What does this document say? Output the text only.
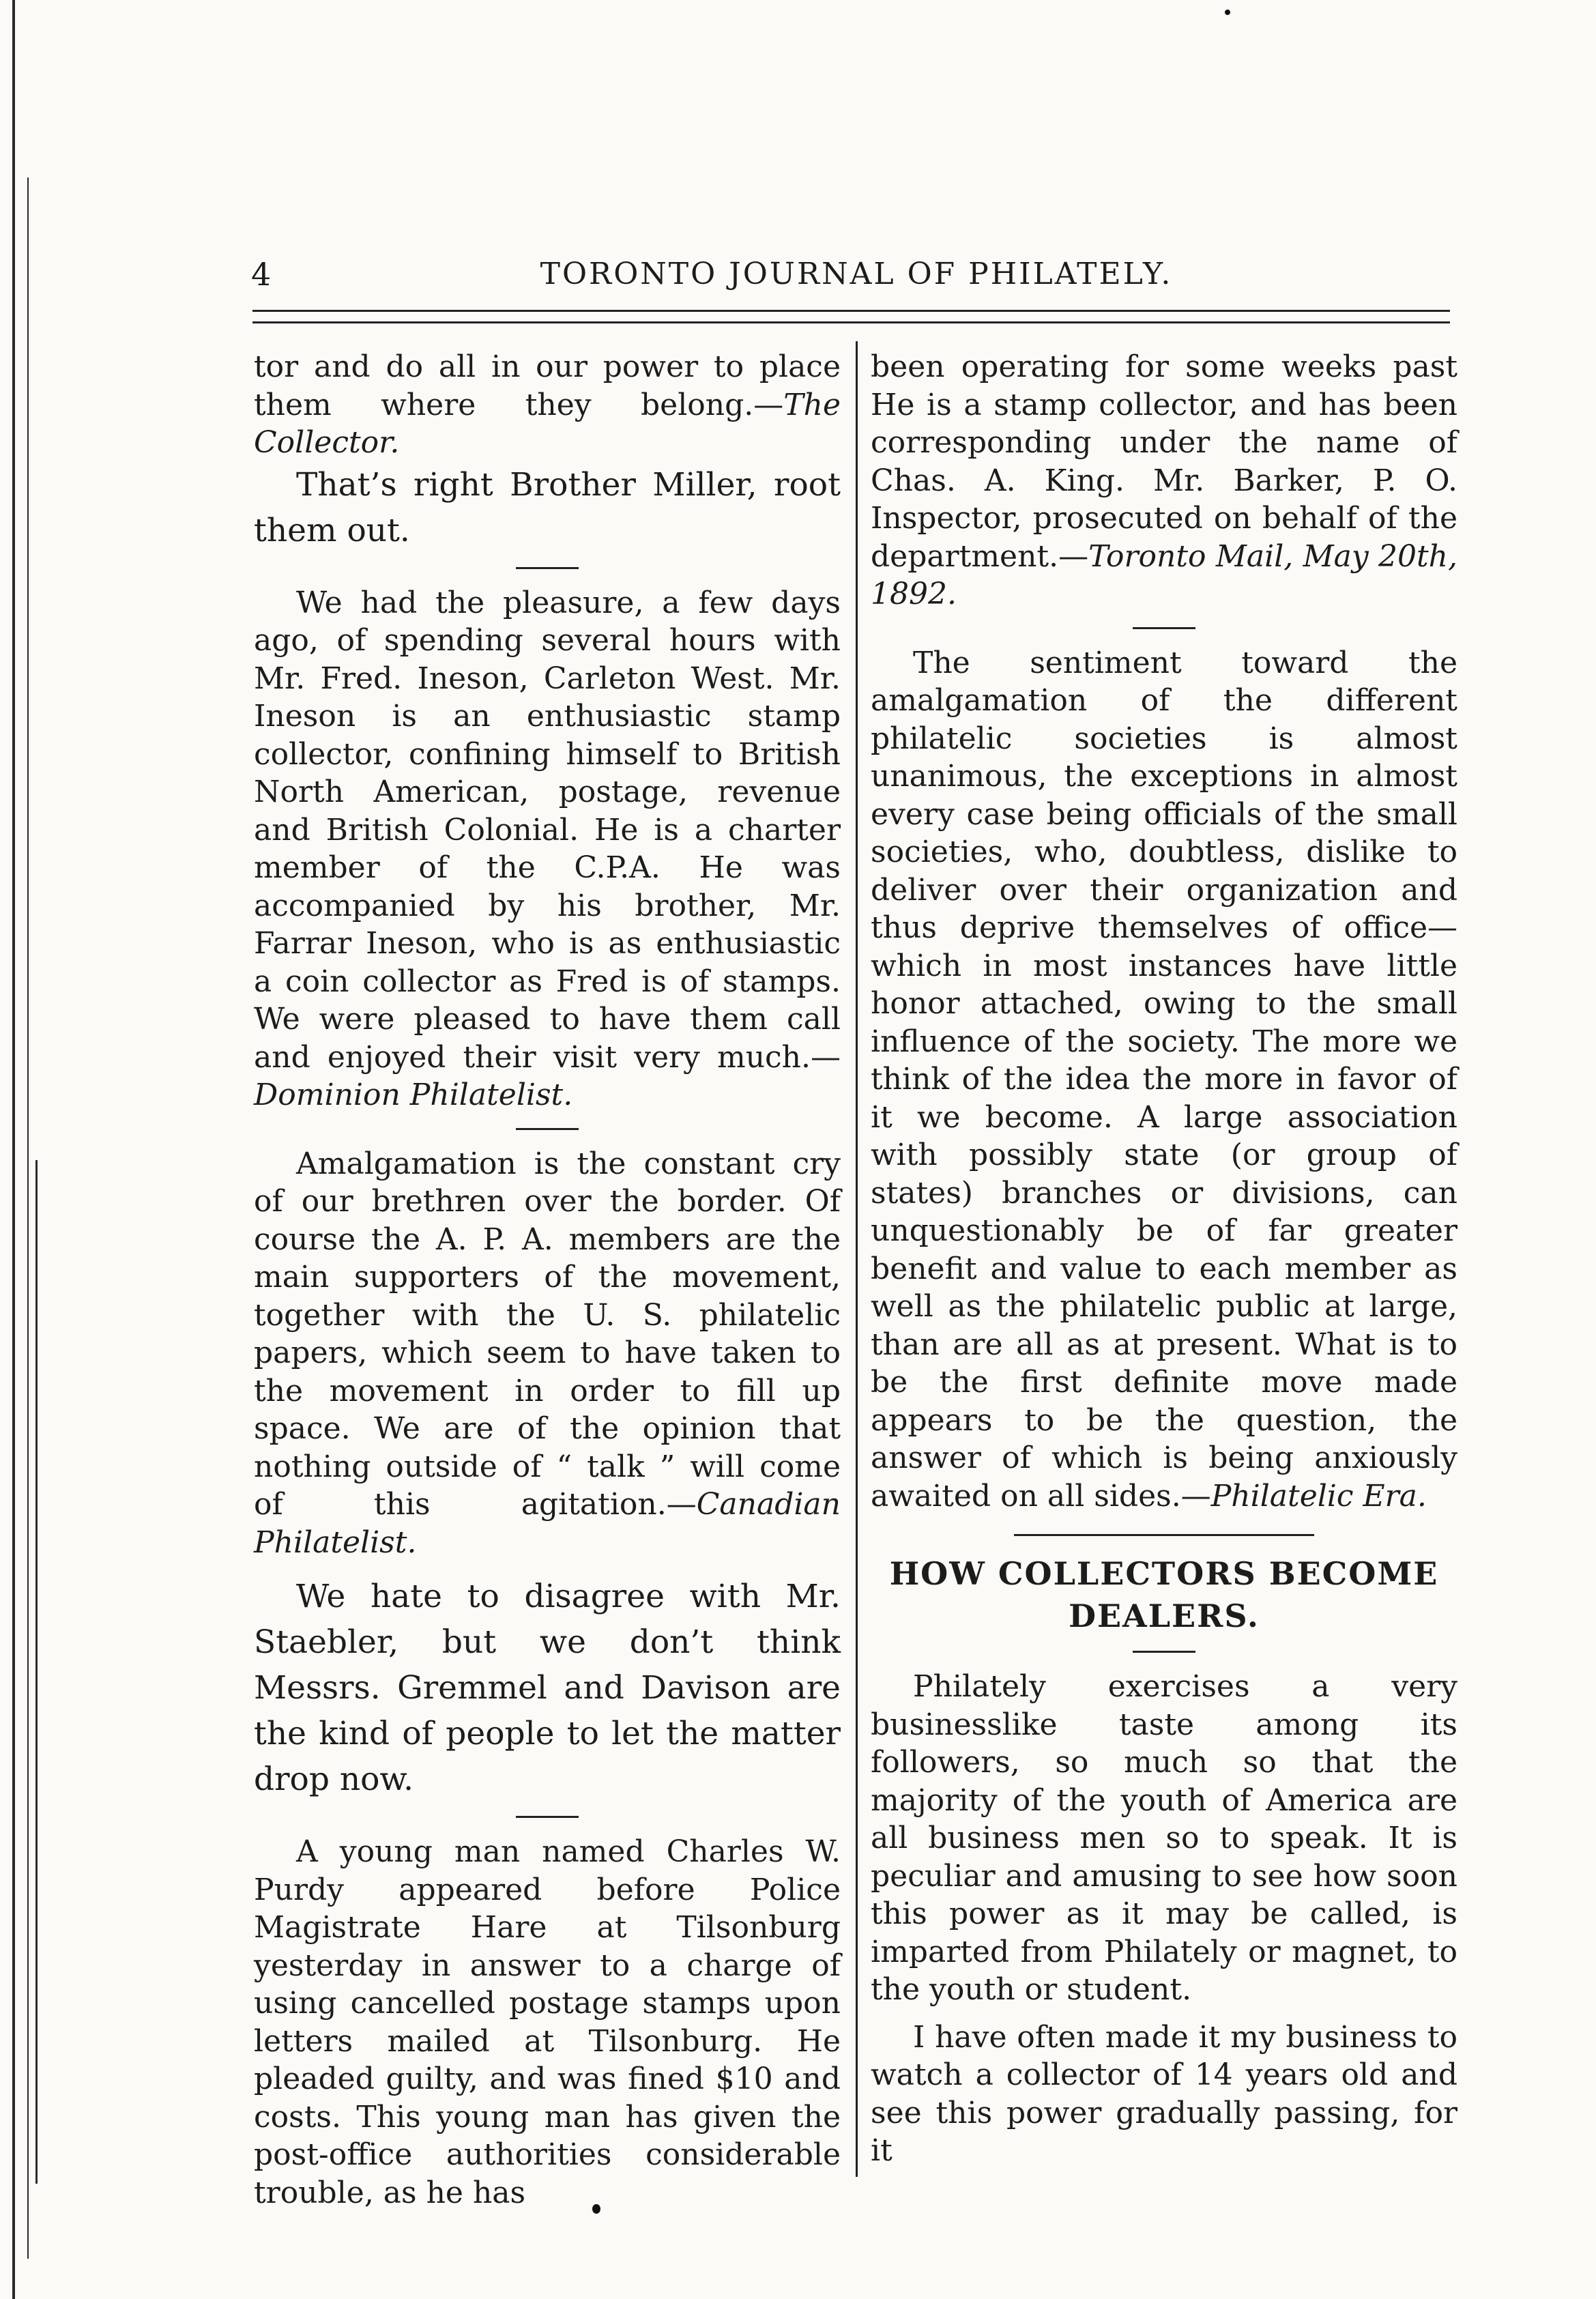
4	TORONTO JOURNAL OF PHILATELY.

tor and do all in our power to place them where they belong.—The Collector.

That’s right Brother Miller, root them out.

We had the pleasure, a few days ago, of spending several hours with Mr. Fred. Ineson, Carleton West. Mr. Ineson is an enthusiastic stamp collector, confining himself to British North American, postage, revenue and British Colonial. He is a charter member of the C.P.A. He was accompanied by his brother, Mr. Farrar Ineson, who is as enthusiastic a coin collector as Fred is of stamps. We were pleased to have them call and enjoyed their visit very much.—Dominion Philatelist.

Amalgamation is the constant cry of our brethren over the border. Of course the A. P. A. members are the main supporters of the movement, together with the U. S. philatelic papers, which seem to have taken to the movement in order to fill up space. We are of the opinion that nothing outside of “ talk ” will come of this agitation.—Canadian Philatelist.

We hate to disagree with Mr. Staebler, but we don’t think Messrs. Gremmel and Davison are the kind of people to let the matter drop now.

A young man named Charles W. Purdy appeared before Police Magistrate Hare at Tilsonburg yesterday in answer to a charge of using cancelled postage stamps upon letters mailed at Tilsonburg. He pleaded guilty, and was fined $10 and costs. This young man has given the post-office authorities considerable trouble, as he has

been operating for some weeks past He is a stamp collector, and has been corresponding under the name of Chas. A. King. Mr. Barker, P. O. Inspector, prosecuted on behalf of the department.—Toronto Mail, May 20th, 1892.

The sentiment toward the amalgamation of the different philatelic societies is almost unanimous, the exceptions in almost every case being officials of the small societies, who, doubtless, dislike to deliver over their organization and thus deprive themselves of office— which in most instances have little honor attached, owing to the small influence of the society. The more we think of the idea the more in favor of it we become. A large association with possibly state (or group of states) branches or divisions, can unquestionably be of far greater benefit and value to each member as well as the philatelic public at large, than are all as at present. What is to be the first definite move made appears to be the question, the answer of which is being anxiously awaited on all sides.—Philatelic Era.

HOW COLLECTORS BECOME DEALERS.

Philately exercises a very businesslike taste among its followers, so much so that the majority of the youth of America are all business men so to speak. It is peculiar and amusing to see how soon this power as it may be called, is imparted from Philately or magnet, to the youth or student.

I have often made it my business to watch a collector of 14 years old and see this power gradually passing, for it
